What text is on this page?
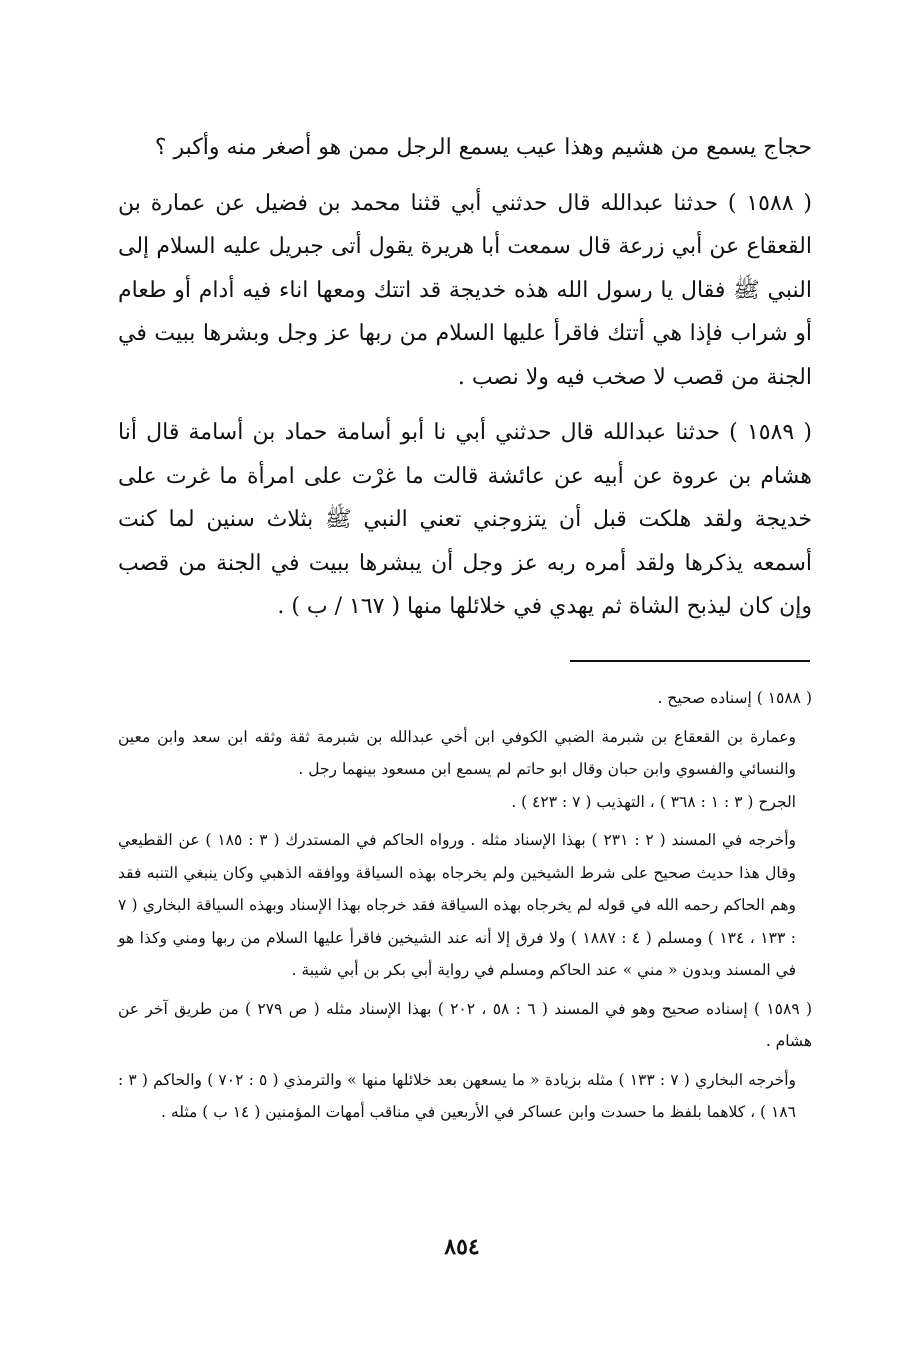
حجاج يسمع من هشيم وهذا عيب يسمع الرجل ممن هو أصغر منه وأكبر ؟

( ١٥٨٨ ) حدثنا عبدالله قال حدثني أبي قثنا محمد بن فضيل عن عمارة بن القعقاع عن أبي زرعة قال سمعت أبا هريرة يقول أتى جبريل عليه السلام إلى النبي ﷺ فقال يا رسول الله هذه خديجة قد اتتك ومعها اناء فيه أدام أو طعام أو شراب فإذا هي أتتك فاقرأ عليها السلام من ربها عز وجل وبشرها ببيت في الجنة من قصب لا صخب فيه ولا نصب .

( ١٥٨٩ ) حدثنا عبدالله قال حدثني أبي نا أبو أسامة حماد بن أسامة قال أنا هشام بن عروة عن أبيه عن عائشة قالت ما غرْت على امرأة ما غرت على خديجة ولقد هلكت قبل أن يتزوجني تعني النبي ﷺ بثلاث سنين لما كنت أسمعه يذكرها ولقد أمره ربه عز وجل أن يبشرها ببيت في الجنة من قصب وإن كان ليذبح الشاة ثم يهدي في خلائلها منها ( ١٦٧ / ب ) .

( ١٥٨٨ ) إسناده صحيح .

وعمارة بن القعقاع بن شبرمة الضبي الكوفي ابن أخي عبدالله بن شبرمة ثقة وثقه ابن سعد وابن معين والنسائي والفسوي وابن حبان وقال ابو حاتم لم يسمع ابن مسعود بينهما رجل .

الجرح ( ٣ : ١ : ٣٦٨ ) ، التهذيب ( ٧ : ٤٢٣ ) .

وأخرجه في المسند ( ٢ : ٢٣١ ) بهذا الإسناد مثله . ورواه الحاكم في المستدرك ( ٣ : ١٨٥ ) عن القطيعي وقال هذا حديث صحيح على شرط الشيخين ولم يخرجاه بهذه السياقة ووافقه الذهبي وكان ينبغي التنبه فقد وهم الحاكم رحمه الله في قوله لم يخرجاه بهذه السياقة فقد خرجاه بهذا الإسناد وبهذه السياقة البخاري ( ٧ : ١٣٣ ، ١٣٤ ) ومسلم ( ٤ : ١٨٨٧ ) ولا فرق إلا أنه عند الشيخين فاقرأ عليها السلام من ربها ومني وكذا هو في المسند وبدون « مني » عند الحاكم ومسلم في رواية أبي بكر بن أبي شيبة .

( ١٥٨٩ ) إسناده صحيح وهو في المسند ( ٦ : ٥٨ ، ٢٠٢ ) بهذا الإسناد مثله ( ص ٢٧٩ ) من طريق آخر عن هشام .

وأخرجه البخاري ( ٧ : ١٣٣ ) مثله بزيادة « ما يسعهن بعد خلائلها منها » والترمذي ( ٥ : ٧٠٢ ) والحاكم ( ٣ : ١٨٦ ) ، كلاهما بلفظ ما حسدت وابن عساكر في الأربعين في مناقب أمهات المؤمنين ( ١٤ ب ) مثله .

٨٥٤
